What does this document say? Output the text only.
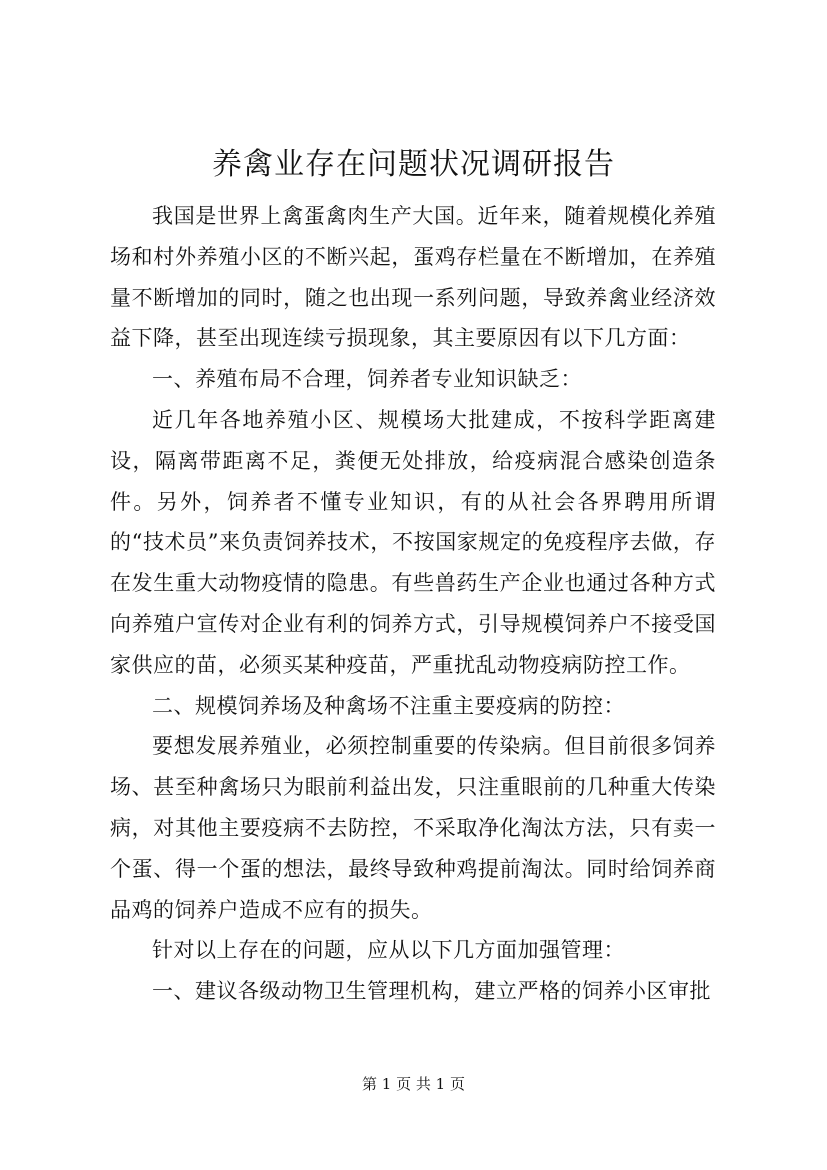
养禽业存在问题状况调研报告

我国是世界上禽蛋禽肉生产大国。近年来，随着规模化养殖场和村外养殖小区的不断兴起，蛋鸡存栏量在不断增加，在养殖量不断增加的同时，随之也出现一系列问题，导致养禽业经济效益下降，甚至出现连续亏损现象，其主要原因有以下几方面：

一、养殖布局不合理，饲养者专业知识缺乏：

近几年各地养殖小区、规模场大批建成，不按科学距离建设，隔离带距离不足，粪便无处排放，给疫病混合感染创造条件。另外，饲养者不懂专业知识，有的从社会各界聘用所谓的“技术员”来负责饲养技术，不按国家规定的免疫程序去做，存在发生重大动物疫情的隐患。有些兽药生产企业也通过各种方式向养殖户宣传对企业有利的饲养方式，引导规模饲养户不接受国家供应的苗，必须买某种疫苗，严重扰乱动物疫病防控工作。

二、规模饲养场及种禽场不注重主要疫病的防控：

要想发展养殖业，必须控制重要的传染病。但目前很多饲养场、甚至种禽场只为眼前利益出发，只注重眼前的几种重大传染病，对其他主要疫病不去防控，不采取净化淘汰方法，只有卖一个蛋、得一个蛋的想法，最终导致种鸡提前淘汰。同时给饲养商品鸡的饲养户造成不应有的损失。

针对以上存在的问题，应从以下几方面加强管理：

一、建议各级动物卫生管理机构，建立严格的饲养小区审批

第 1 页 共 1 页
